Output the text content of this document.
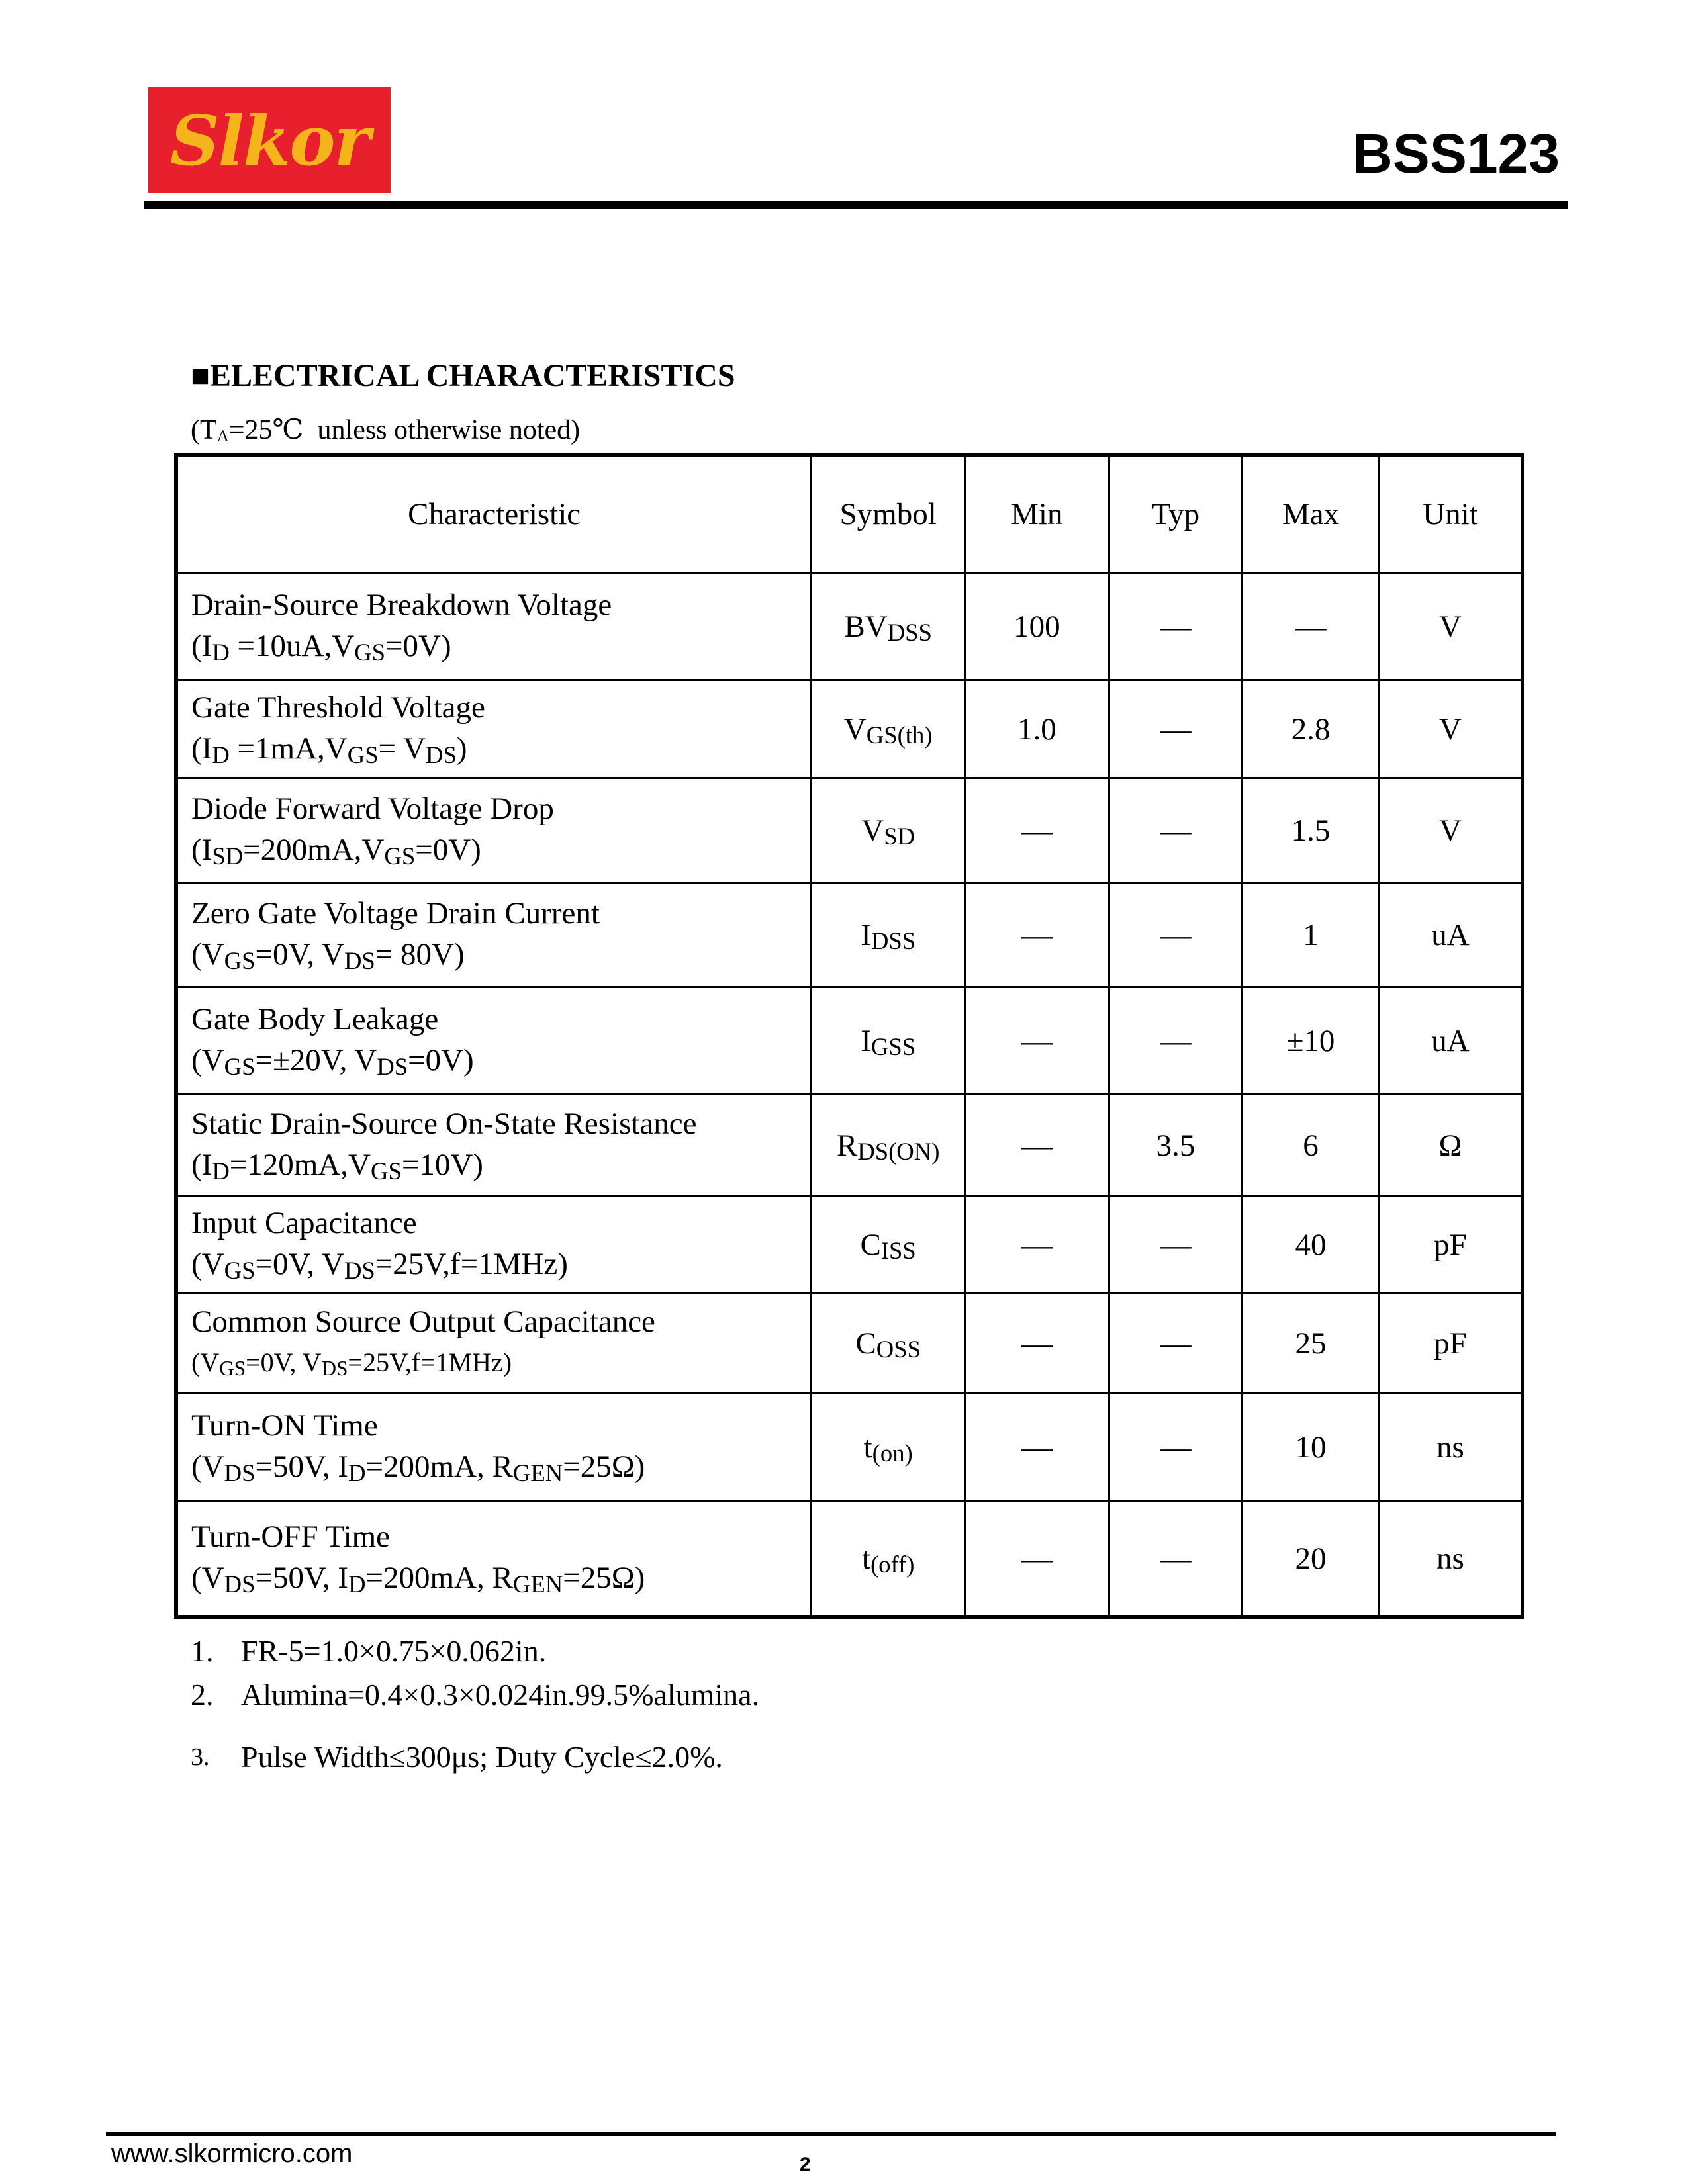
Slkor	BSS123
■ELECTRICAL CHARACTERISTICS
(TA=25℃  unless otherwise noted)
Characteristic	Symbol	Min	Typ	Max	Unit
Drain-Source Breakdown Voltage
(ID =10uA,VGS=0V)	BVDSS	100	—	—	V
Gate Threshold Voltage
(ID =1mA,VGS= VDS)	VGS(th)	1.0	—	2.8	V
Diode Forward Voltage Drop
(ISD=200mA,VGS=0V)	VSD	—	—	1.5	V
Zero Gate Voltage Drain Current
(VGS=0V, VDS= 80V)	IDSS	—	—	1	uA
Gate Body Leakage
(VGS=±20V, VDS=0V)	IGSS	—	—	±10	uA
Static Drain-Source On-State Resistance
(ID=120mA,VGS=10V)	RDS(ON)	—	3.5	6	Ω
Input Capacitance
(VGS=0V, VDS=25V,f=1MHz)	CISS	—	—	40	pF
Common Source Output Capacitance
(VGS=0V, VDS=25V,f=1MHz)	COSS	—	—	25	pF
Turn-ON Time
(VDS=50V, ID=200mA, RGEN=25Ω)	t(on)	—	—	10	ns
Turn-OFF Time
(VDS=50V, ID=200mA, RGEN=25Ω)	t(off)	—	—	20	ns
1. FR-5=1.0×0.75×0.062in.
2. Alumina=0.4×0.3×0.024in.99.5%alumina.
3. Pulse Width≤300μs; Duty Cycle≤2.0%.
www.slkormicro.com	2
